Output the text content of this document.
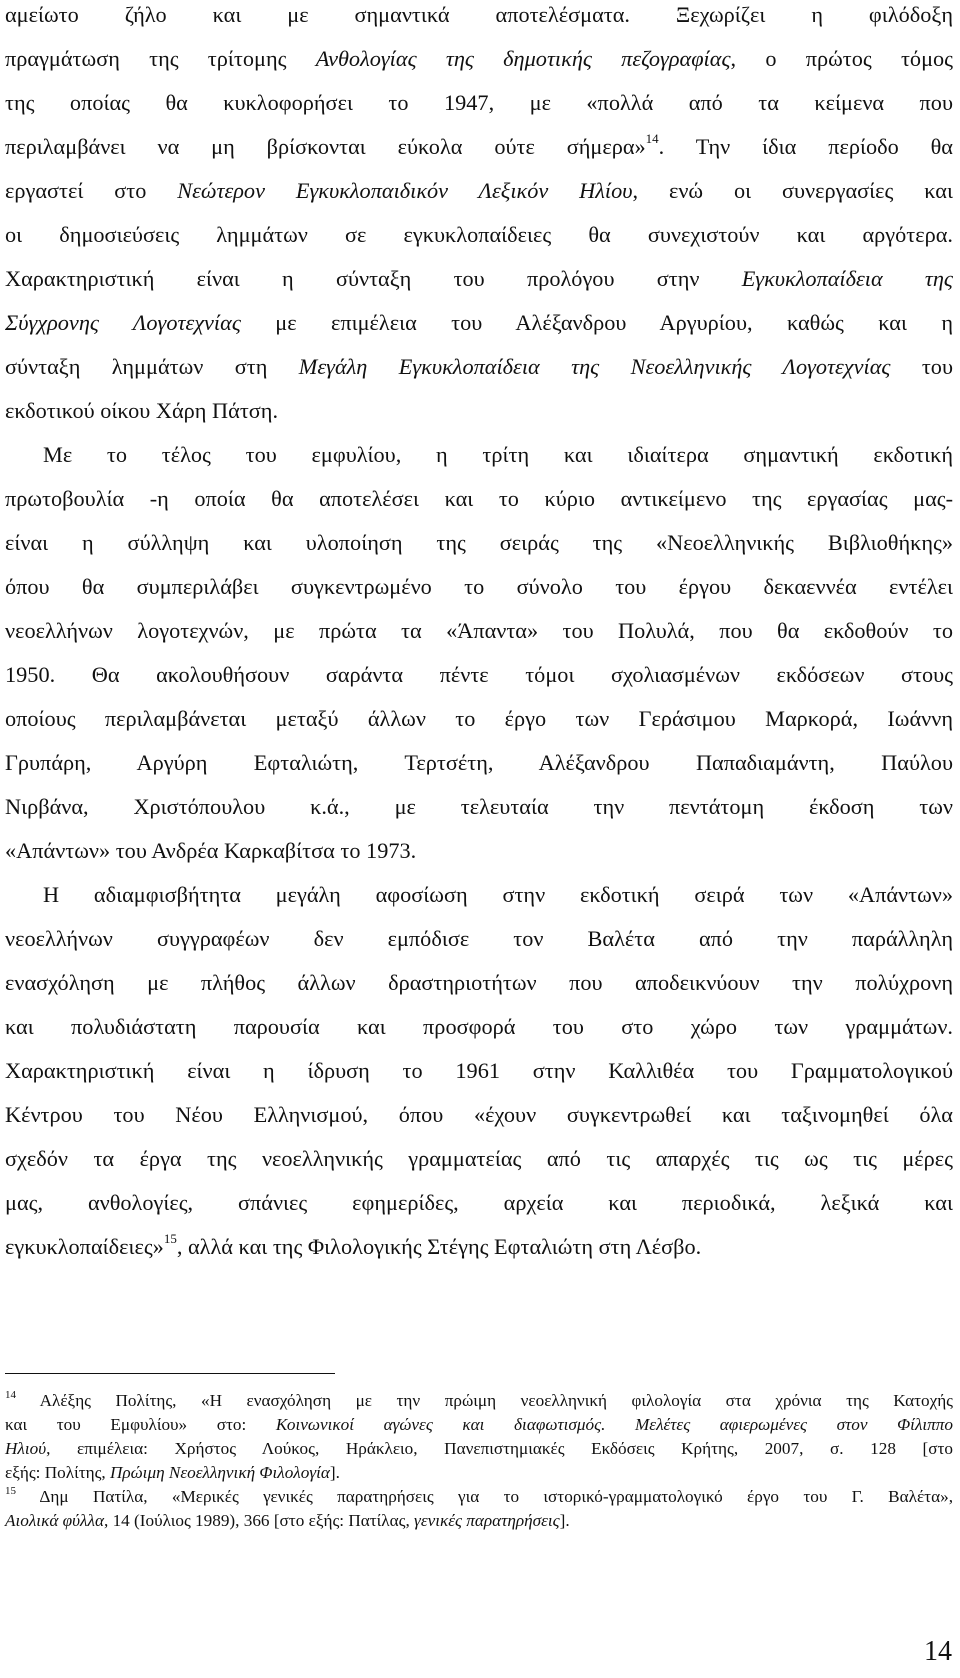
αμείωτο ζήλο και με σημαντικά αποτελέσματα. Ξεχωρίζει η φιλόδοξη
πραγμάτωση της τρίτομης Ανθολογίας της δημοτικής πεζογραφίας, ο πρώτος τόμος
της οποίας θα κυκλοφορήσει το 1947, με «πολλά από τα κείμενα που
περιλαμβάνει να μη βρίσκονται εύκολα ούτε σήμερα»$^{14}$. Την ίδια περίοδο θα
εργαστεί στο Νεώτερον Εγκυκλοπαιδικόν Λεξικόν Ηλίου, ενώ οι συνεργασίες και
οι δημοσιεύσεις λημμάτων σε εγκυκλοπαίδειες θα συνεχιστούν και αργότερα.
Χαρακτηριστική είναι η σύνταξη του προλόγου στην Εγκυκλοπαίδεια της
Σύγχρονης Λογοτεχνίας με επιμέλεια του Αλέξανδρου Αργυρίου, καθώς και η
σύνταξη λημμάτων στη Μεγάλη Εγκυκλοπαίδεια της Νεοελληνικής Λογοτεχνίας του
εκδοτικού οίκου Χάρη Πάτση.
Με το τέλος του εμφυλίου, η τρίτη και ιδιαίτερα σημαντική εκδοτική
πρωτοβουλία -η οποία θα αποτελέσει και το κύριο αντικείμενο της εργασίας μας-
είναι η σύλληψη και υλοποίηση της σειράς της «Νεοελληνικής Βιβλιοθήκης»
όπου θα συμπεριλάβει συγκεντρωμένο το σύνολο του έργου δεκαεννέα εντέλει
νεοελλήνων λογοτεχνών, με πρώτα τα «Άπαντα» του Πολυλά, που θα εκδοθούν το
1950. Θα ακολουθήσουν σαράντα πέντε τόμοι σχολιασμένων εκδόσεων στους
οποίους περιλαμβάνεται μεταξύ άλλων το έργο των Γεράσιμου Μαρκορά, Ιωάννη
Γρυπάρη, Αργύρη Εφταλιώτη, Τερτσέτη, Αλέξανδρου Παπαδιαμάντη, Παύλου
Νιρβάνα, Χριστόπουλου κ.ά., με τελευταία την πεντάτομη έκδοση των
«Απάντων» του Ανδρέα Καρκαβίτσα το 1973.
Η αδιαμφισβήτητα μεγάλη αφοσίωση στην εκδοτική σειρά των «Απάντων»
νεοελλήνων συγγραφέων δεν εμπόδισε τον Βαλέτα από την παράλληλη
ενασχόληση με πλήθος άλλων δραστηριοτήτων που αποδεικνύουν την πολύχρονη
και πολυδιάστατη παρουσία και προσφορά του στο χώρο των γραμμάτων.
Χαρακτηριστική είναι η ίδρυση το 1961 στην Καλλιθέα του Γραμματολογικού
Κέντρου του Νέου Ελληνισμού, όπου «έχουν συγκεντρωθεί και ταξινομηθεί όλα
σχεδόν τα έργα της νεοελληνικής γραμματείας από τις απαρχές τις ως τις μέρες
μας, ανθολογίες, σπάνιες εφημερίδες, αρχεία και περιοδικά, λεξικά και
εγκυκλοπαίδειες»$^{15}$, αλλά και της Φιλολογικής Στέγης Εφταλιώτη στη Λέσβο.
$^{14}$ Αλέξης Πολίτης, «Η ενασχόληση με την πρώιμη νεοελληνική φιλολογία στα χρόνια της Κατοχής
και του Εμφυλίου» στο: Κοινωνικοί αγώνες και διαφωτισμός. Μελέτες αφιερωμένες στον Φίλιππο
Ηλιού, επιμέλεια: Χρήστος Λούκος, Ηράκλειο, Πανεπιστημιακές Εκδόσεις Κρήτης, 2007, σ. 128 [στο
εξής: Πολίτης, Πρώιμη Νεοελληνική Φιλολογία].
$^{15}$ Δημ Πατίλα, «Μερικές γενικές παρατηρήσεις για το ιστορικό-γραμματολογικό έργο του Γ. Βαλέτα»,
Αιολικά φύλλα, 14 (Ιούλιος 1989), 366 [στο εξής: Πατίλας, γενικές παρατηρήσεις].
14
